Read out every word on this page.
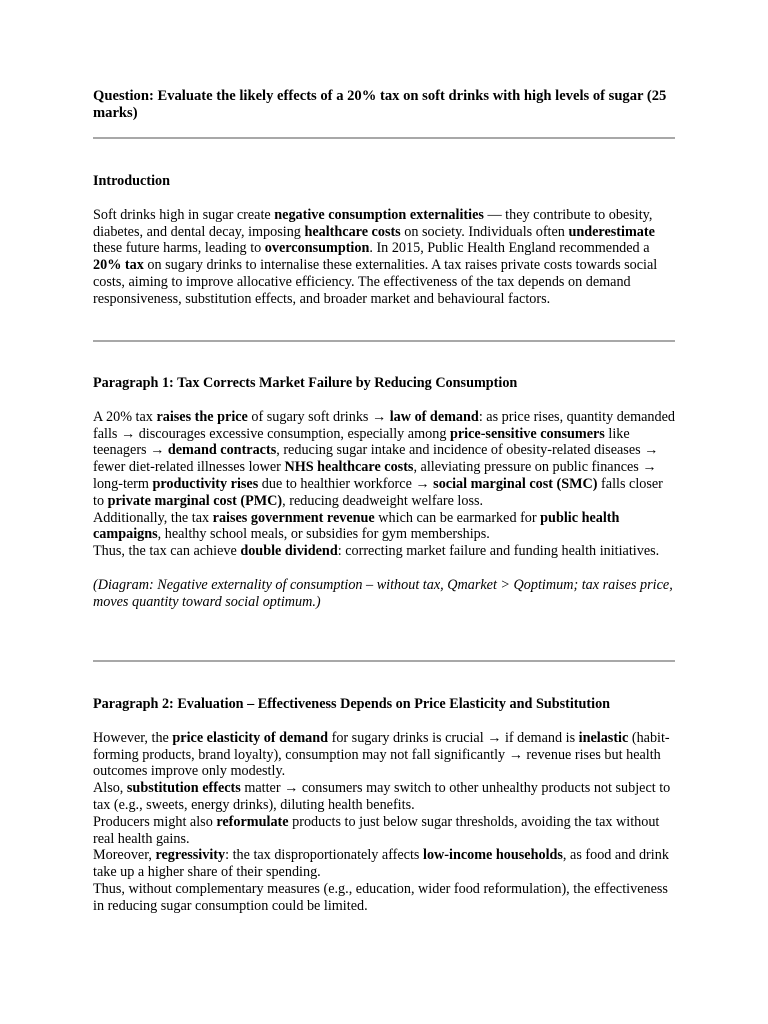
Question: Evaluate the likely effects of a 20% tax on soft drinks with high levels of sugar (25 marks)
Introduction

Soft drinks high in sugar create negative consumption externalities — they contribute to obesity, diabetes, and dental decay, imposing healthcare costs on society. Individuals often underestimate these future harms, leading to overconsumption. In 2015, Public Health England recommended a 20% tax on sugary drinks to internalise these externalities. A tax raises private costs towards social costs, aiming to improve allocative efficiency. The effectiveness of the tax depends on demand responsiveness, substitution effects, and broader market and behavioural factors.

Paragraph 1: Tax Corrects Market Failure by Reducing Consumption

A 20% tax raises the price of sugary soft drinks → law of demand: as price rises, quantity demanded falls → discourages excessive consumption, especially among price-sensitive consumers like teenagers → demand contracts, reducing sugar intake and incidence of obesity-related diseases → fewer diet-related illnesses lower NHS healthcare costs, alleviating pressure on public finances → long-term productivity rises due to healthier workforce → social marginal cost (SMC) falls closer to private marginal cost (PMC), reducing deadweight welfare loss.
Additionally, the tax raises government revenue which can be earmarked for public health campaigns, healthy school meals, or subsidies for gym memberships.
Thus, the tax can achieve double dividend: correcting market failure and funding health initiatives.

(Diagram: Negative externality of consumption – without tax, Qmarket > Qoptimum; tax raises price, moves quantity toward social optimum.)

Paragraph 2: Evaluation – Effectiveness Depends on Price Elasticity and Substitution

However, the price elasticity of demand for sugary drinks is crucial → if demand is inelastic (habit-forming products, brand loyalty), consumption may not fall significantly → revenue rises but health outcomes improve only modestly.
Also, substitution effects matter → consumers may switch to other unhealthy products not subject to tax (e.g., sweets, energy drinks), diluting health benefits.
Producers might also reformulate products to just below sugar thresholds, avoiding the tax without real health gains.
Moreover, regressivity: the tax disproportionately affects low-income households, as food and drink take up a higher share of their spending.
Thus, without complementary measures (e.g., education, wider food reformulation), the effectiveness in reducing sugar consumption could be limited.
